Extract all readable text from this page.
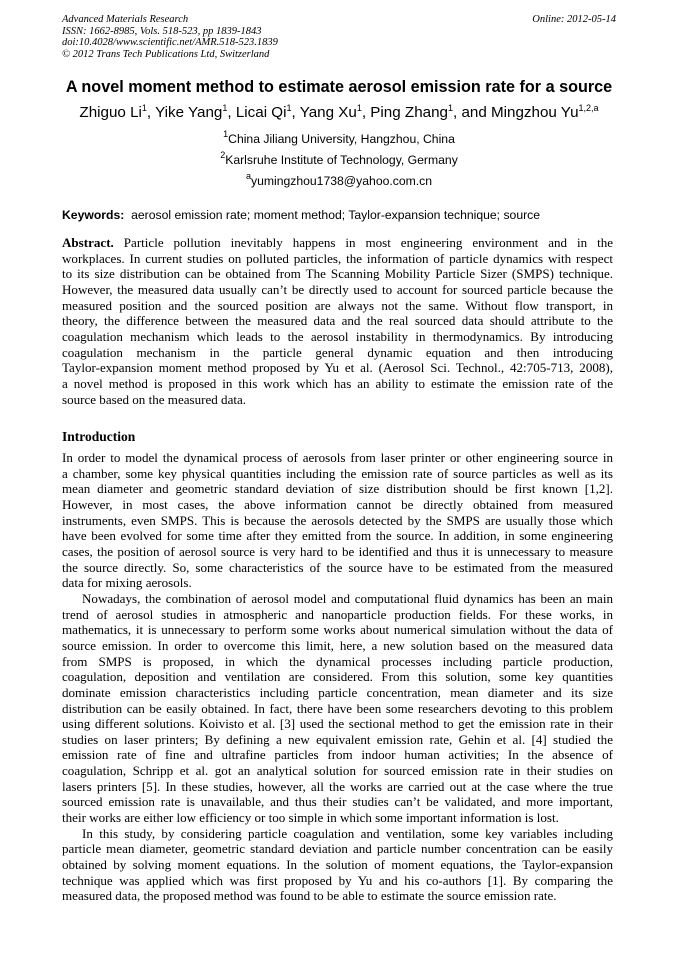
Advanced Materials Research
ISSN: 1662-8985, Vols. 518-523, pp 1839-1843
doi:10.4028/www.scientific.net/AMR.518-523.1839
© 2012 Trans Tech Publications Ltd, Switzerland
Online: 2012-05-14
A novel moment method to estimate aerosol emission rate for a source
Zhiguo Li$^1$, Yike Yang$^1$, Licai Qi$^1$, Yang Xu$^1$, Ping Zhang$^1$, and Mingzhou Yu$^{1,2,a}$
$^1$China Jiliang University, Hangzhou, China
$^2$Karlsruhe Institute of Technology, Germany
$^a$yumingzhou1738@yahoo.com.cn
Keywords: aerosol emission rate; moment method; Taylor-expansion technique; source
Abstract. Particle pollution inevitably happens in most engineering environment and in the
workplaces. In current studies on polluted particles, the information of particle dynamics with respect
to its size distribution can be obtained from The Scanning Mobility Particle Sizer (SMPS) technique.
However, the measured data usually can’t be directly used to account for sourced particle because the
measured position and the sourced position are always not the same. Without flow transport, in
theory, the difference between the measured data and the real sourced data should attribute to the
coagulation mechanism which leads to the aerosol instability in thermodynamics. By introducing
coagulation mechanism in the particle general dynamic equation and then introducing
Taylor-expansion moment method proposed by Yu et al. (Aerosol Sci. Technol., 42:705-713, 2008),
a novel method is proposed in this work which has an ability to estimate the emission rate of the
source based on the measured data.
Introduction
In order to model the dynamical process of aerosols from laser printer or other engineering source in
a chamber, some key physical quantities including the emission rate of source particles as well as its
mean diameter and geometric standard deviation of size distribution should be first known [1,2].
However, in most cases, the above information cannot be directly obtained from measured
instruments, even SMPS. This is because the aerosols detected by the SMPS are usually those which
have been evolved for some time after they emitted from the source. In addition, in some engineering
cases, the position of aerosol source is very hard to be identified and thus it is unnecessary to measure
the source directly. So, some characteristics of the source have to be estimated from the measured
data for mixing aerosols.
Nowadays, the combination of aerosol model and computational fluid dynamics has been an main
trend of aerosol studies in atmospheric and nanoparticle production fields. For these works, in
mathematics, it is unnecessary to perform some works about numerical simulation without the data of
source emission. In order to overcome this limit, here, a new solution based on the measured data
from SMPS is proposed, in which the dynamical processes including particle production,
coagulation, deposition and ventilation are considered. From this solution, some key quantities
dominate emission characteristics including particle concentration, mean diameter and its size
distribution can be easily obtained. In fact, there have been some researchers devoting to this problem
using different solutions. Koivisto et al. [3] used the sectional method to get the emission rate in their
studies on laser printers; By defining a new equivalent emission rate, Gehin et al. [4] studied the
emission rate of fine and ultrafine particles from indoor human activities; In the absence of
coagulation, Schripp et al. got an analytical solution for sourced emission rate in their studies on
lasers printers [5]. In these studies, however, all the works are carried out at the case where the true
sourced emission rate is unavailable, and thus their studies can’t be validated, and more important,
their works are either low efficiency or too simple in which some important information is lost.
In this study, by considering particle coagulation and ventilation, some key variables including
particle mean diameter, geometric standard deviation and particle number concentration can be easily
obtained by solving moment equations. In the solution of moment equations, the Taylor-expansion
technique was applied which was first proposed by Yu and his co-authors [1]. By comparing the
measured data, the proposed method was found to be able to estimate the source emission rate.
